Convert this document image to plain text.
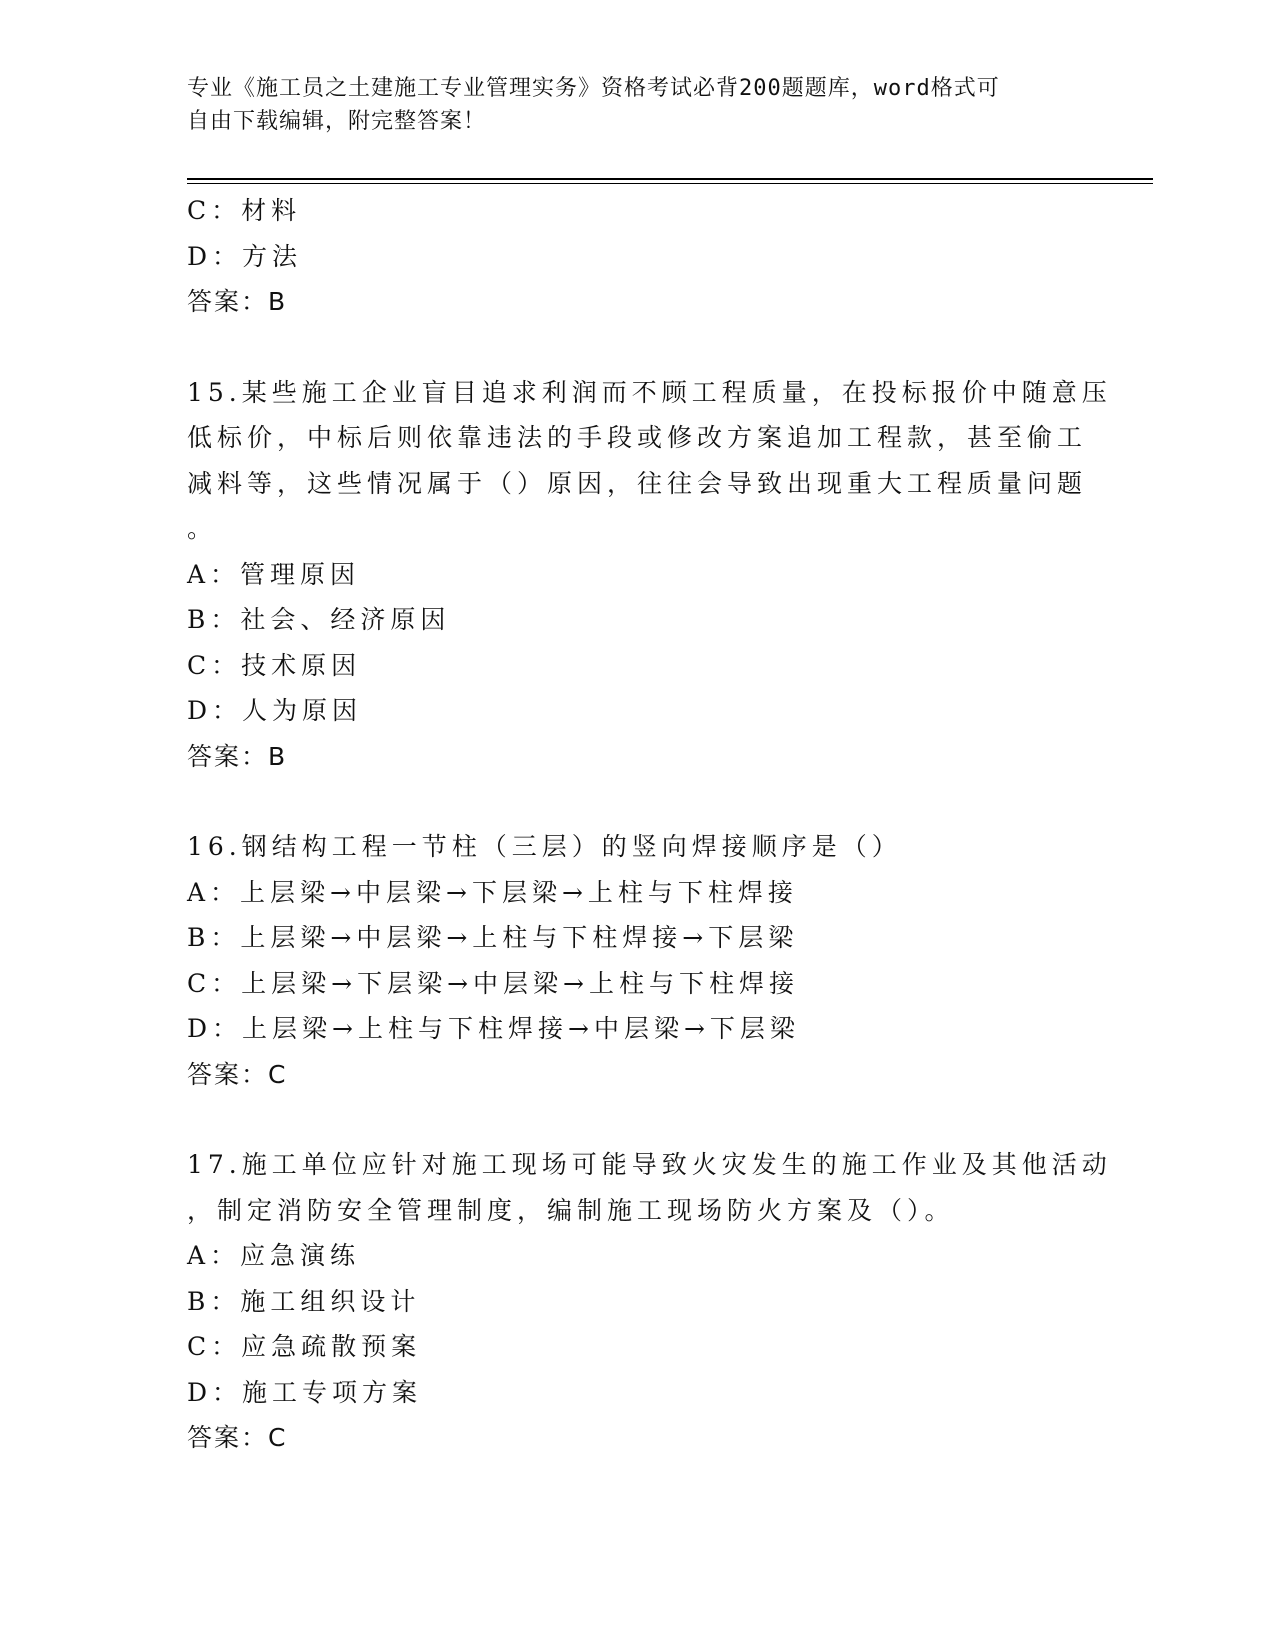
专业《施工员之土建施工专业管理实务》资格考试必背200题题库，word格式可
自由下载编辑，附完整答案！
C：材料
D：方法
答案：B
15.某些施工企业盲目追求利润而不顾工程质量，在投标报价中随意压
低标价，中标后则依靠违法的手段或修改方案追加工程款，甚至偷工
减料等，这些情况属于（）原因，往往会导致出现重大工程质量问题
。
A：管理原因
B：社会、经济原因
C：技术原因
D：人为原因
答案：B
16.钢结构工程一节柱（三层）的竖向焊接顺序是（）
A：上层梁→中层梁→下层梁→上柱与下柱焊接
B：上层梁→中层梁→上柱与下柱焊接→下层梁
C：上层梁→下层梁→中层梁→上柱与下柱焊接
D：上层梁→上柱与下柱焊接→中层梁→下层梁
答案：C
17.施工单位应针对施工现场可能导致火灾发生的施工作业及其他活动
，制定消防安全管理制度，编制施工现场防火方案及（）。
A：应急演练
B：施工组织设计
C：应急疏散预案
D：施工专项方案
答案：C
